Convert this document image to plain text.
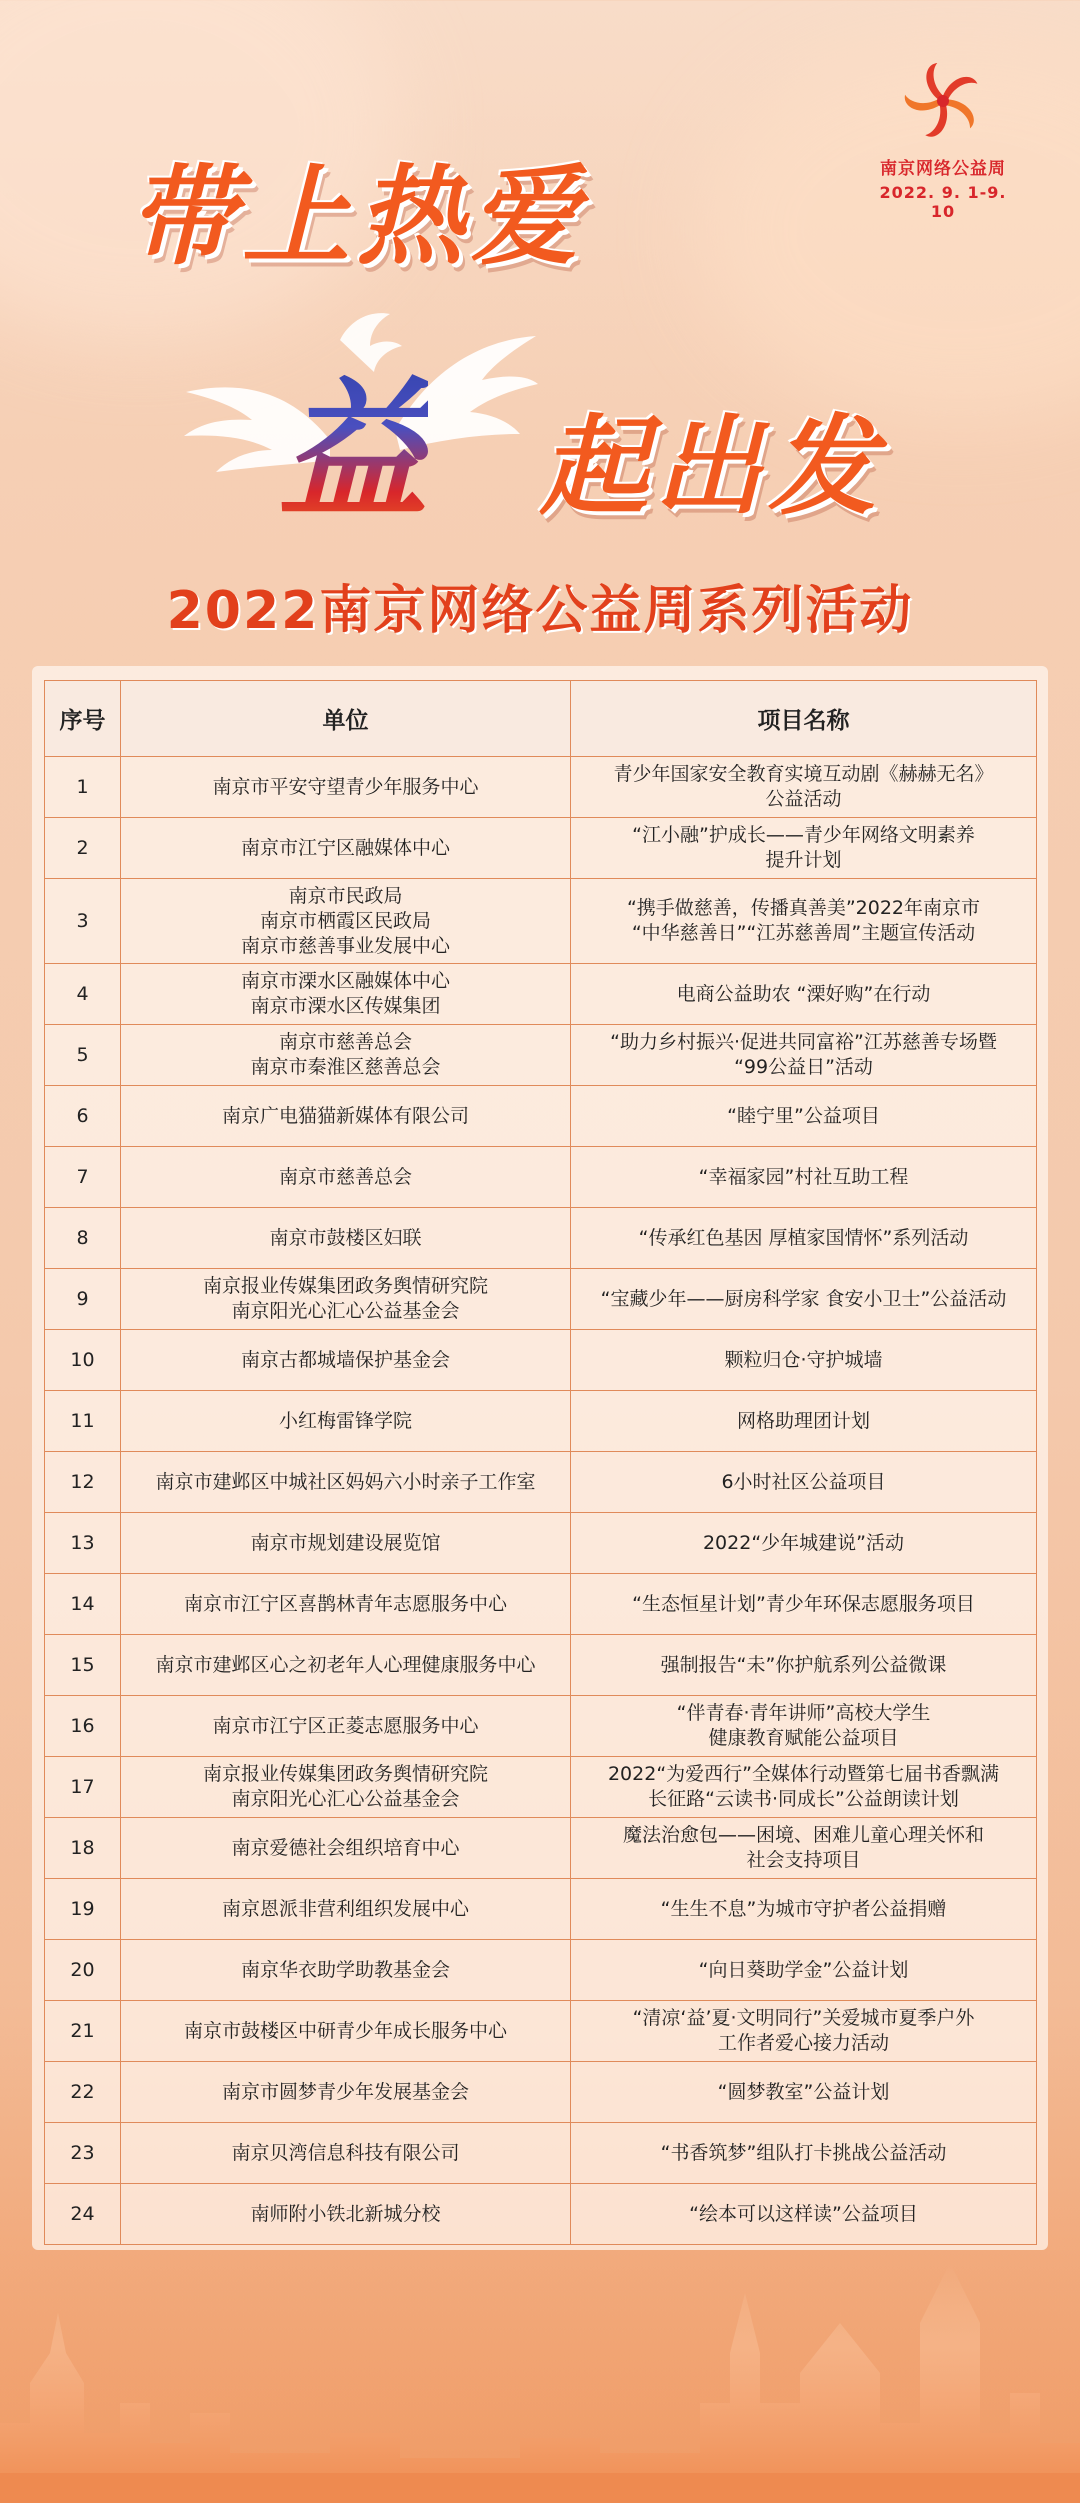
南京网络公益周
2022. 9. 1-9. 10
带上热爱
益 起出发
2022南京网络公益周系列活动
序号	单位	项目名称
1	南京市平安守望青少年服务中心	青少年国家安全教育实境互动剧《赫赫无名》
公益活动
2	南京市江宁区融媒体中心	“江小融”护成长——青少年网络文明素养
提升计划
3	南京市民政局
南京市栖霞区民政局
南京市慈善事业发展中心	“携手做慈善，传播真善美”2022年南京市
“中华慈善日”“江苏慈善周”主题宣传活动
4	南京市溧水区融媒体中心
南京市溧水区传媒集团	电商公益助农 “溧好购”在行动
5	南京市慈善总会
南京市秦淮区慈善总会	“助力乡村振兴·促进共同富裕”江苏慈善专场暨
“99公益日”活动
6	南京广电猫猫新媒体有限公司	“睦宁里”公益项目
7	南京市慈善总会	“幸福家园”村社互助工程
8	南京市鼓楼区妇联	“传承红色基因 厚植家国情怀”系列活动
9	南京报业传媒集团政务舆情研究院
南京阳光心汇心公益基金会	“宝藏少年——厨房科学家 食安小卫士”公益活动
10	南京古都城墙保护基金会	颗粒归仓·守护城墙
11	小红梅雷锋学院	网格助理团计划
12	南京市建邺区中城社区妈妈六小时亲子工作室	6小时社区公益项目
13	南京市规划建设展览馆	2022“少年城建说”活动
14	南京市江宁区喜鹊林青年志愿服务中心	“生态恒星计划”青少年环保志愿服务项目
15	南京市建邺区心之初老年人心理健康服务中心	强制报告“未”你护航系列公益微课
16	南京市江宁区正菱志愿服务中心	“伴青春·青年讲师”高校大学生
健康教育赋能公益项目
17	南京报业传媒集团政务舆情研究院
南京阳光心汇心公益基金会	2022“为爱西行”全媒体行动暨第七届书香飘满
长征路“云读书·同成长”公益朗读计划
18	南京爱德社会组织培育中心	魔法治愈包——困境、困难儿童心理关怀和
社会支持项目
19	南京恩派非营利组织发展中心	“生生不息”为城市守护者公益捐赠
20	南京华衣助学助教基金会	“向日葵助学金”公益计划
21	南京市鼓楼区中研青少年成长服务中心	“清凉‘益’夏·文明同行”关爱城市夏季户外
工作者爱心接力活动
22	南京市圆梦青少年发展基金会	“圆梦教室”公益计划
23	南京贝湾信息科技有限公司	“书香筑梦”组队打卡挑战公益活动
24	南师附小铁北新城分校	“绘本可以这样读”公益项目
